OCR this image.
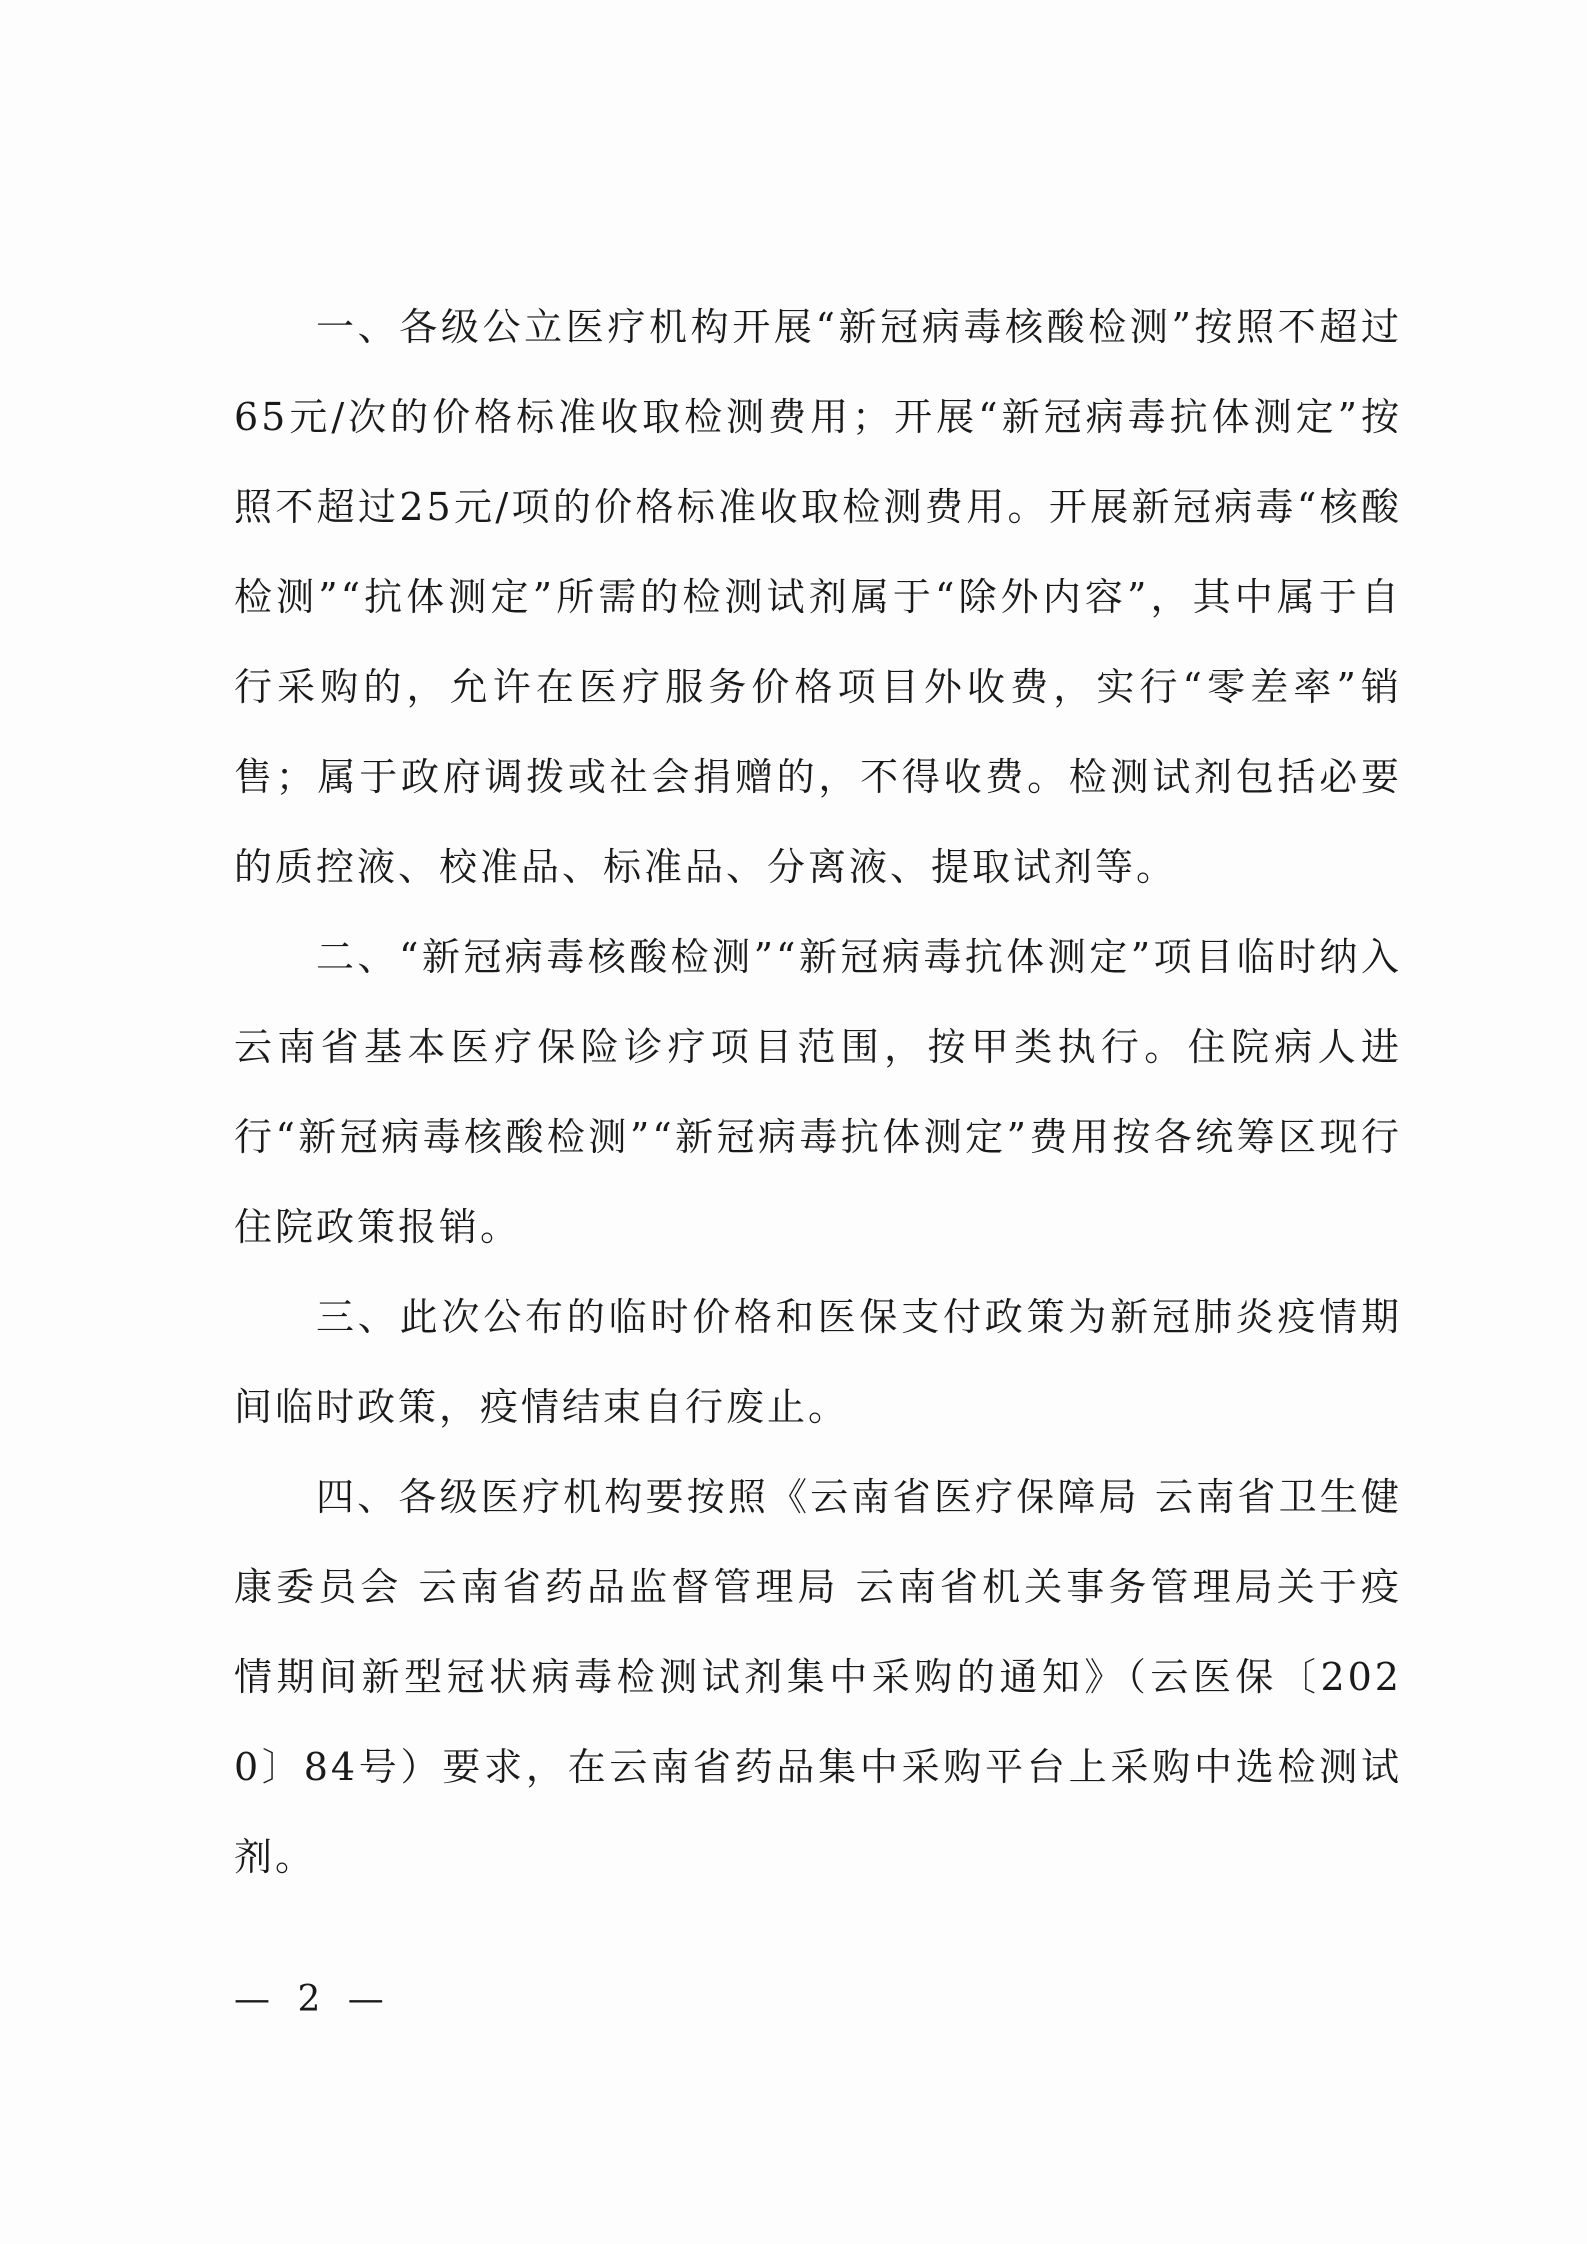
一、各级公立医疗机构开展“新冠病毒核酸检测”按照不超过65元/次的价格标准收取检测费用；开展“新冠病毒抗体测定”按照不超过25元/项的价格标准收取检测费用。开展新冠病毒“核酸检测”“抗体测定”所需的检测试剂属于“除外内容”，其中属于自行采购的，允许在医疗服务价格项目外收费，实行“零差率”销售；属于政府调拨或社会捐赠的，不得收费。检测试剂包括必要的质控液、校准品、标准品、分离液、提取试剂等。

二、“新冠病毒核酸检测”“新冠病毒抗体测定”项目临时纳入云南省基本医疗保险诊疗项目范围，按甲类执行。住院病人进行“新冠病毒核酸检测”“新冠病毒抗体测定”费用按各统筹区现行住院政策报销。

三、此次公布的临时价格和医保支付政策为新冠肺炎疫情期间临时政策，疫情结束自行废止。

四、各级医疗机构要按照《云南省医疗保障局 云南省卫生健康委员会 云南省药品监督管理局 云南省机关事务管理局关于疫情期间新型冠状病毒检测试剂集中采购的通知》（云医保〔2020〕84号）要求，在云南省药品集中采购平台上采购中选检测试剂。

— 2 —
